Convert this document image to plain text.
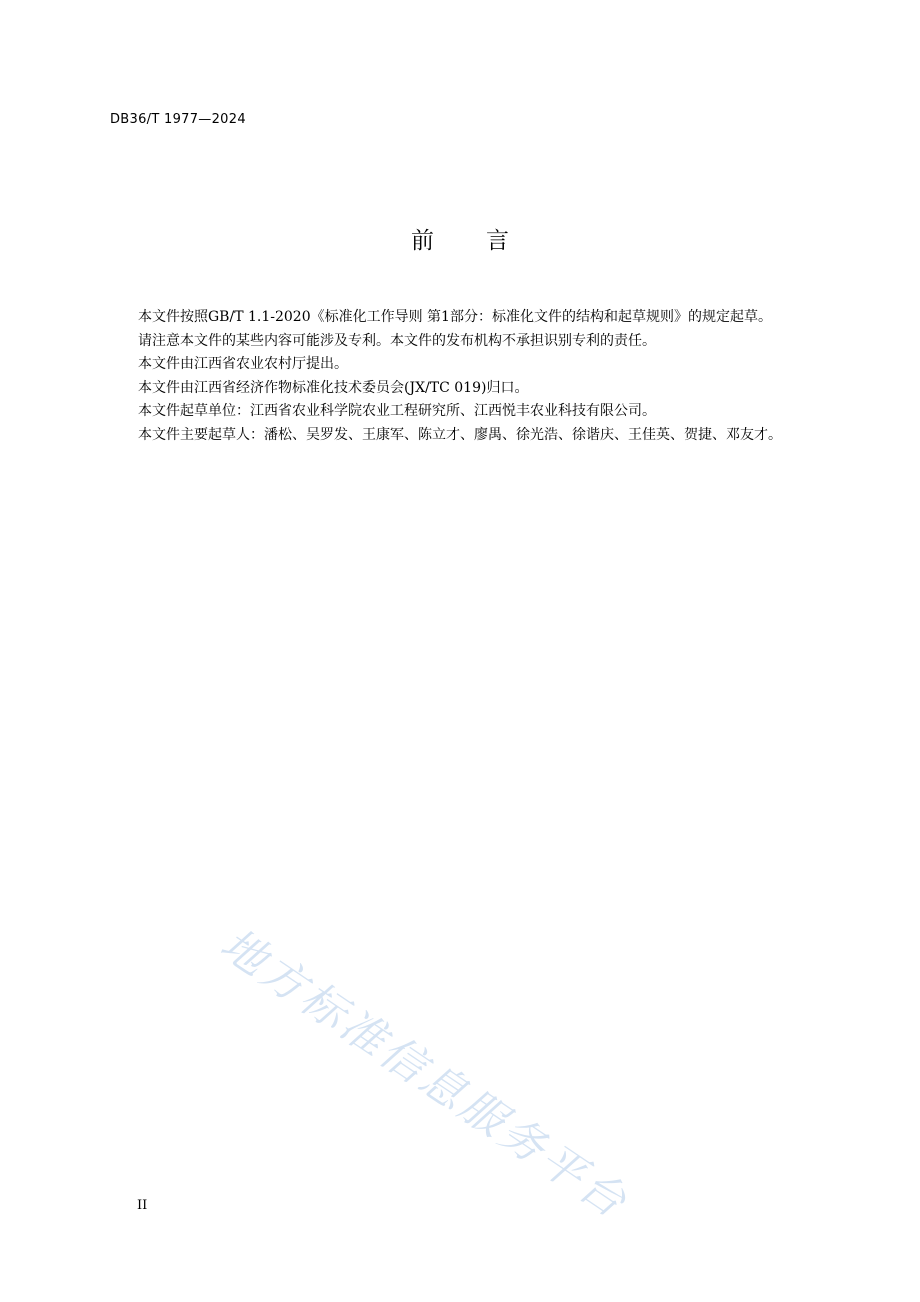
DB36/T 1977—2024
前言

本文件按照GB/T 1.1-2020《标准化工作导则 第1部分：标准化文件的结构和起草规则》的规定起草。

请注意本文件的某些内容可能涉及专利。本文件的发布机构不承担识别专利的责任。

本文件由江西省农业农村厅提出。

本文件由江西省经济作物标准化技术委员会(JX/TC 019)归口。

本文件起草单位：江西省农业科学院农业工程研究所、江西悦丰农业科技有限公司。

本文件主要起草人：潘松、吴罗发、王康军、陈立才、廖禺、徐光浩、徐谐庆、王佳英、贺捷、邓友才。

地方标准信息服务平台
II
